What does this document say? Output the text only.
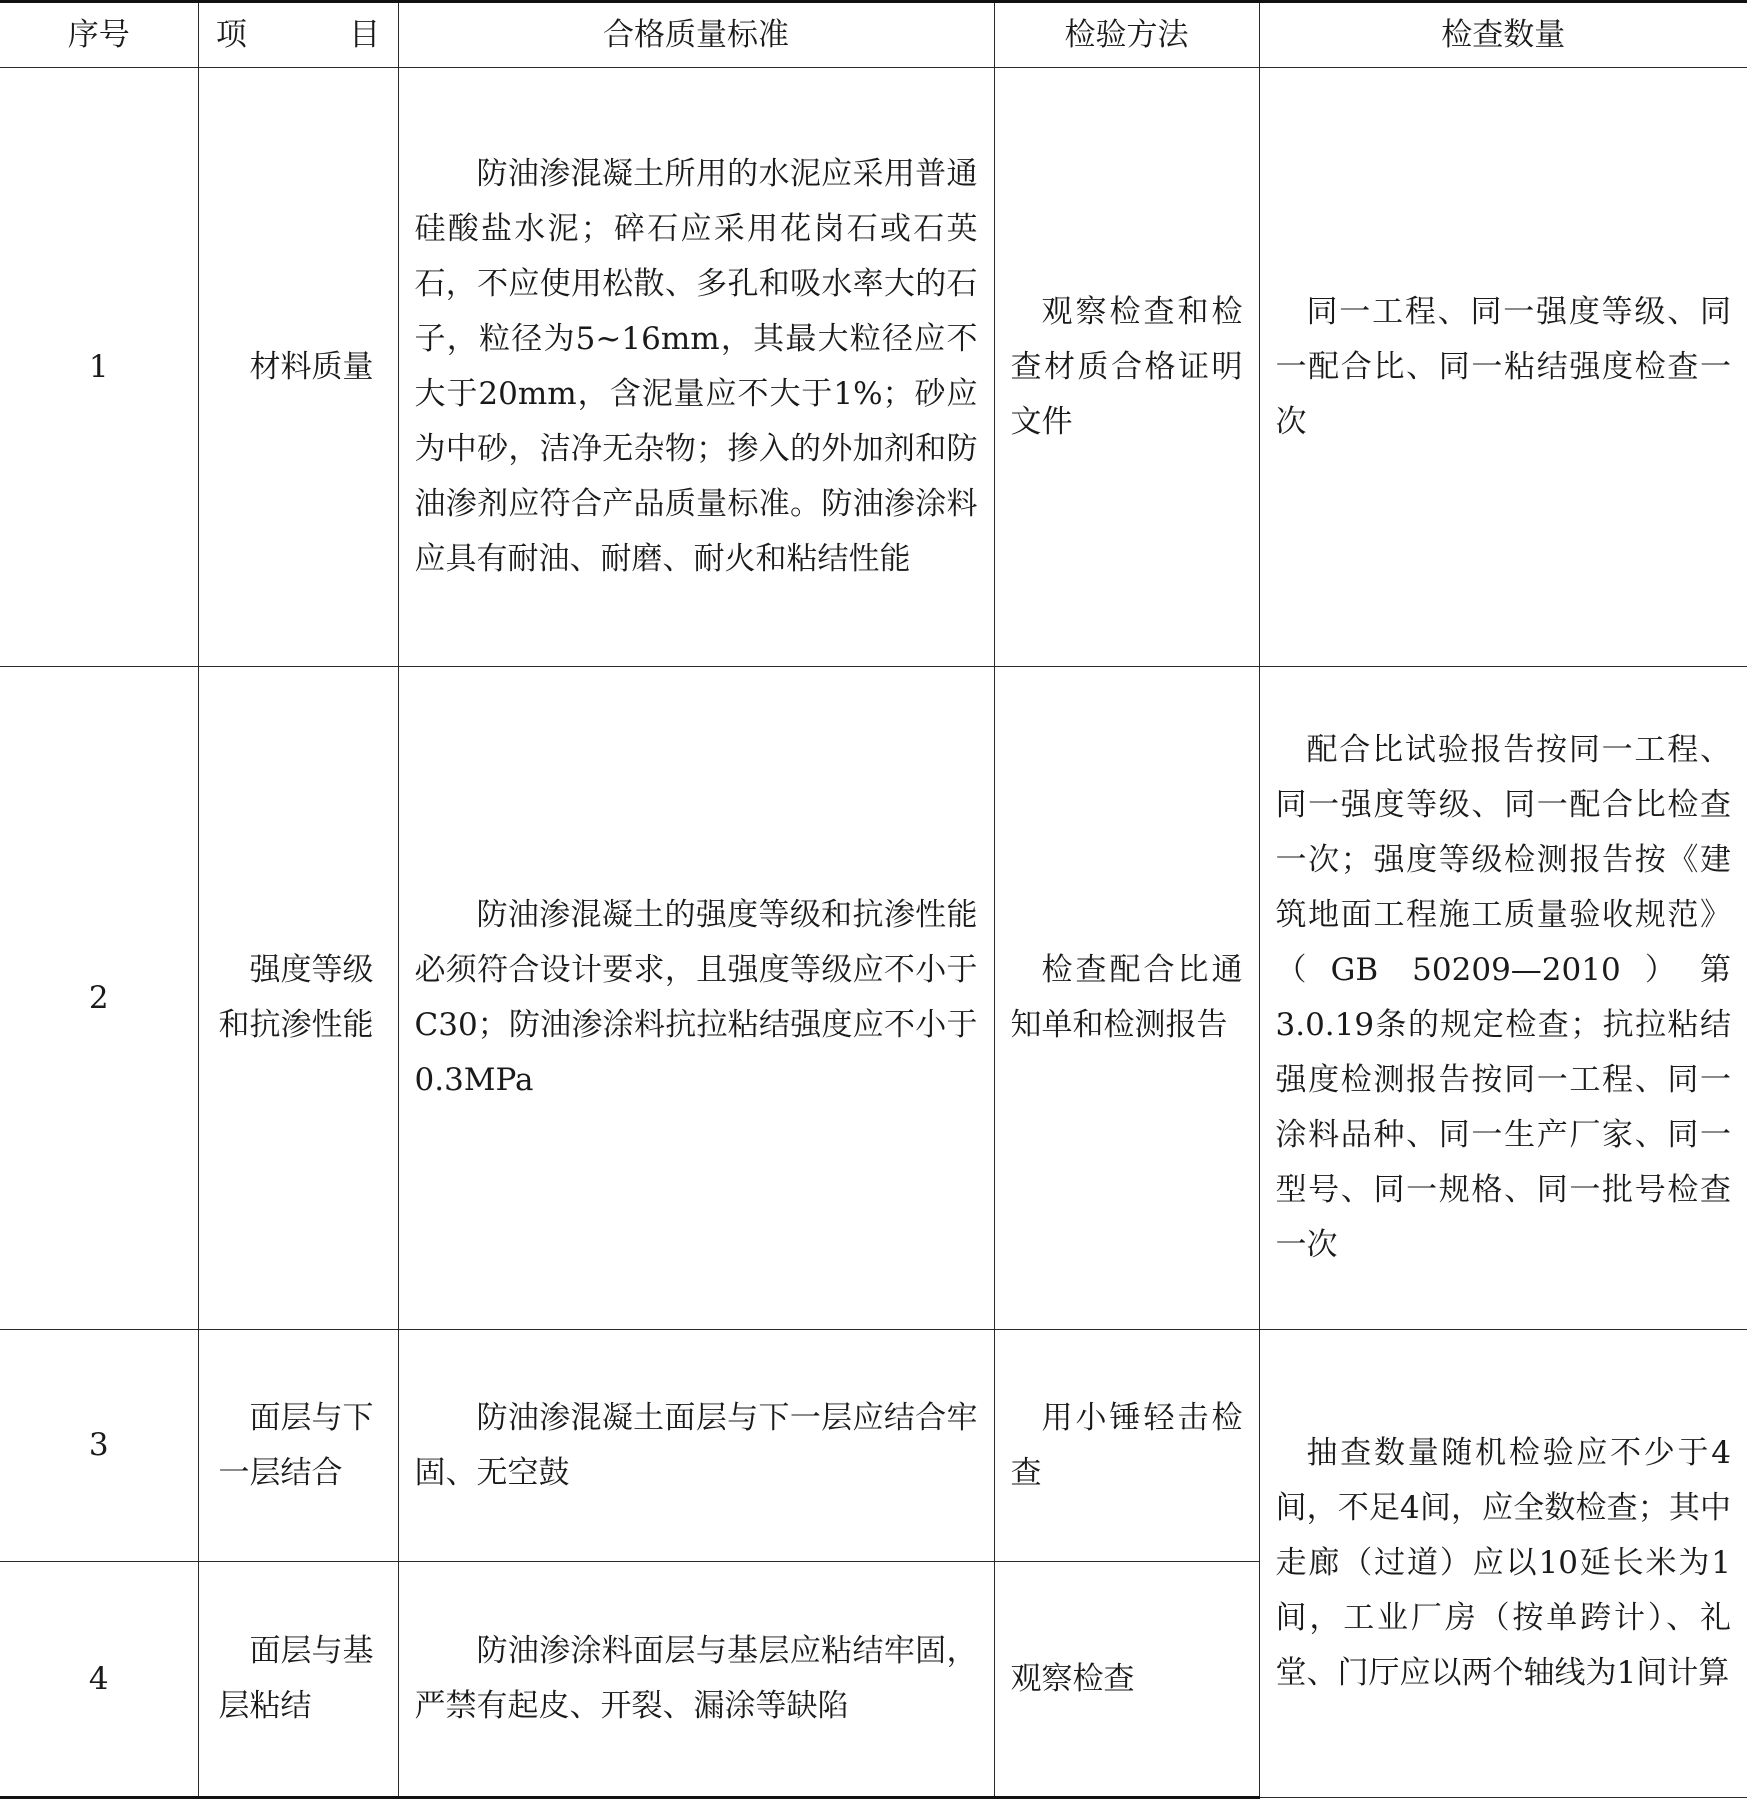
序号	项 目	合格质量标准	检验方法	检查数量
1	材料质量	防油渗混凝土所用的水泥应采用普通硅酸盐水泥；碎石应采用花岗石或石英石，不应使用松散、多孔和吸水率大的石子，粒径为5~16mm，其最大粒径应不大于20mm，含泥量应不大于1%；砂应为中砂，洁净无杂物；掺入的外加剂和防油渗剂应符合产品质量标准。防油渗涂料应具有耐油、耐磨、耐火和粘结性能	观察检查和检查材质合格证明文件	同一工程、同一强度等级、同一配合比、同一粘结强度检查一次
2	强度等级和抗渗性能	防油渗混凝土的强度等级和抗渗性能必须符合设计要求，且强度等级应不小于C30；防油渗涂料抗拉粘结强度应不小于0.3MPa	检查配合比通知单和检测报告	配合比试验报告按同一工程、同一强度等级、同一配合比检查一次；强度等级检测报告按《建筑地面工程施工质量验收规范》（GB 50209—2010）第3.0.19条的规定检查；抗拉粘结强度检测报告按同一工程、同一涂料品种、同一生产厂家、同一型号、同一规格、同一批号检查一次
3	面层与下一层结合	防油渗混凝土面层与下一层应结合牢固、无空鼓	用小锤轻击检查	抽查数量随机检验应不少于4间，不足4间，应全数检查；其中走廊（过道）应以10延长米为1间，工业厂房（按单跨计）、礼堂、门厅应以两个轴线为1间计算
4	面层与基层粘结	防油渗涂料面层与基层应粘结牢固，严禁有起皮、开裂、漏涂等缺陷	观察检查	
